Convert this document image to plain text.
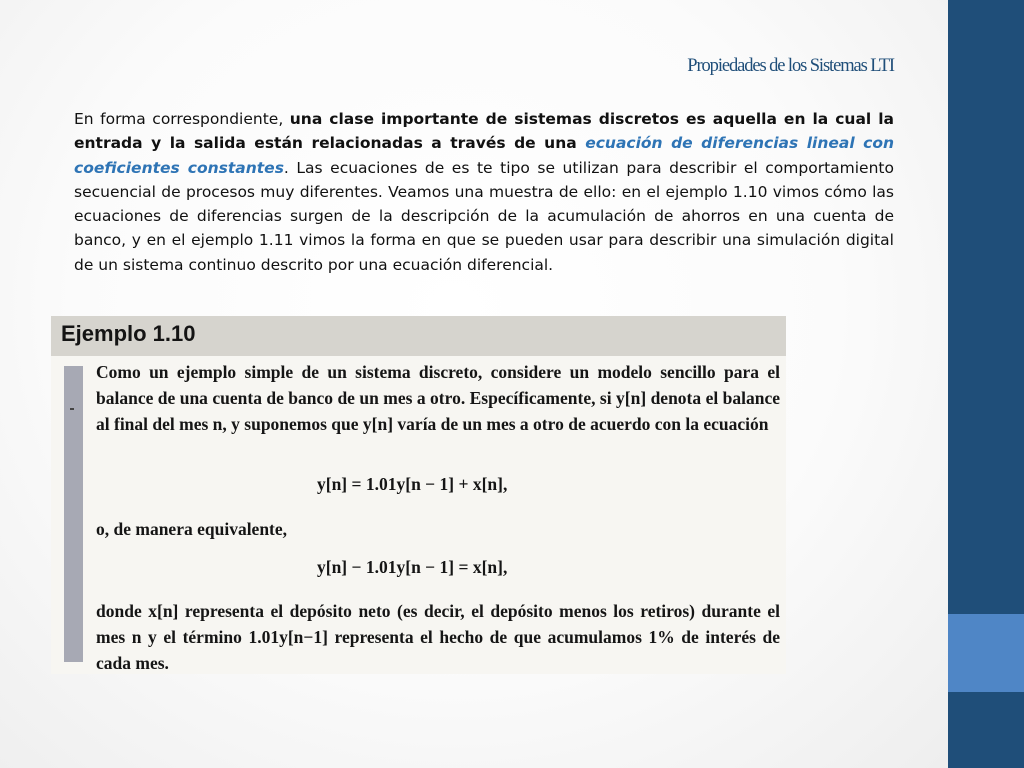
Propiedades de los Sistemas LTI
En forma correspondiente, una clase importante de sistemas discretos es aquella en la cual la entrada y la salida están relacionadas a través de una ecuación de diferencias lineal con coeficientes constantes. Las ecuaciones de es te tipo se utilizan para describir el comportamiento secuencial de procesos muy diferentes. Veamos una muestra de ello: en el ejemplo 1.10 vimos cómo las ecuaciones de diferencias surgen de la descripción de la acumulación de ahorros en una cuenta de banco, y en el ejemplo 1.11 vimos la forma en que se pueden usar para describir una simulación digital de un sistema continuo descrito por una ecuación diferencial.
Ejemplo 1.10
Como un ejemplo simple de un sistema discreto, considere un modelo sencillo para el balance de una cuenta de banco de un mes a otro. Específicamente, si y[n] denota el balance al final del mes n, y suponemos que y[n] varía de un mes a otro de acuerdo con la ecuación
y[n] = 1.01y[n − 1] + x[n],
o, de manera equivalente,
y[n] − 1.01y[n − 1] = x[n],
donde x[n] representa el depósito neto (es decir, el depósito menos los retiros) durante el mes n y el término 1.01y[n−1] representa el hecho de que acumulamos 1% de interés de cada mes.
